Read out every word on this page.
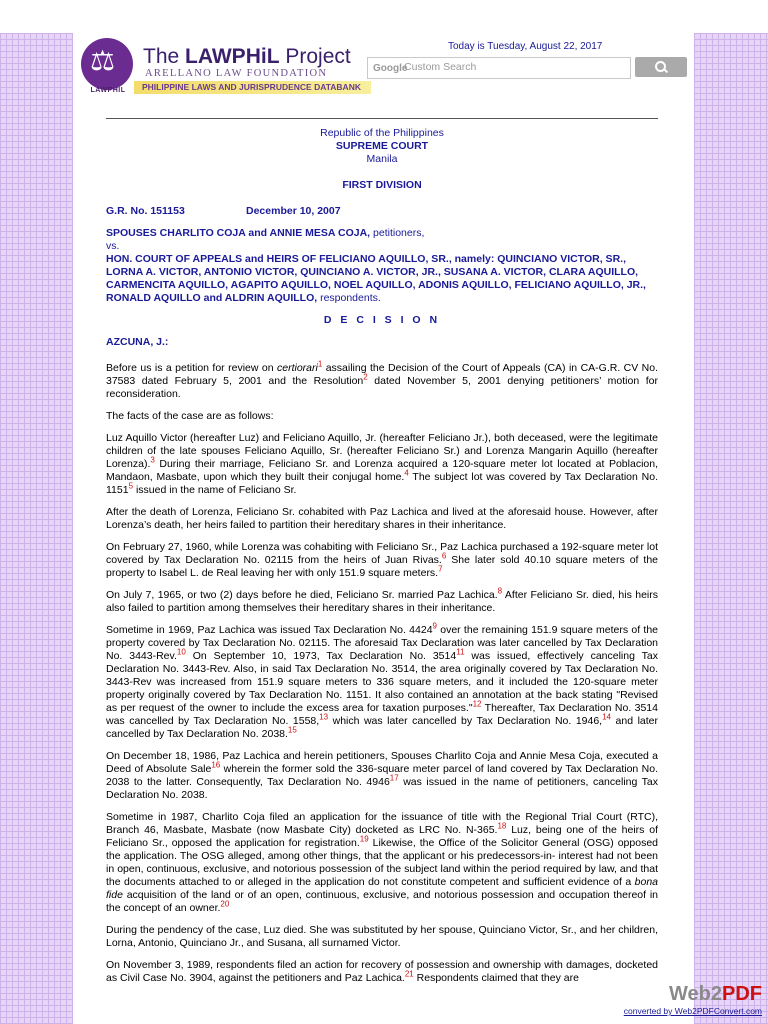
⚖
LAWPHIL
The LAWPHiL Project
ARELLANO LAW FOUNDATION
PHILIPPINE LAWS AND JURISPRUDENCE DATABANK
Today is Tuesday, August 22, 2017
Google
Custom Search

Republic of the Philippines

SUPREME COURT

Manila

FIRST DIVISION

G.R. No. 151153	December 10, 2007

SPOUSES CHARLITO COJA and ANNIE MESA COJA, petitioners,

vs.

HON. COURT OF APPEALS and HEIRS OF FELICIANO AQUILLO, SR., namely: QUINCIANO VICTOR, SR., LORNA A. VICTOR, ANTONIO VICTOR, QUINCIANO A. VICTOR, JR., SUSANA A. VICTOR, CLARA AQUILLO, CARMENCITA AQUILLO, AGAPITO AQUILLO, NOEL AQUILLO, ADONIS AQUILLO, FELICIANO AQUILLO, JR., RONALD AQUILLO and ALDRIN AQUILLO, respondents.

D E C I S I O N

AZCUNA, J.:

Before us is a petition for review on certiorari$^1$ assailing the Decision of the Court of Appeals (CA) in CA-G.R. CV No. 37583 dated February 5, 2001 and the Resolution$^2$ dated November 5, 2001 denying petitioners’ motion for reconsideration.

The facts of the case are as follows:

Luz Aquillo Victor (hereafter Luz) and Feliciano Aquillo, Jr. (hereafter Feliciano Jr.), both deceased, were the legitimate children of the late spouses Feliciano Aquillo, Sr. (hereafter Feliciano Sr.) and Lorenza Mangarin Aquillo (hereafter Lorenza).$^3$ During their marriage, Feliciano Sr. and Lorenza acquired a 120-square meter lot located at Poblacion, Mandaon, Masbate, upon which they built their conjugal home.$^4$ The subject lot was covered by Tax Declaration No. 1151$^5$ issued in the name of Feliciano Sr.

After the death of Lorenza, Feliciano Sr. cohabited with Paz Lachica and lived at the aforesaid house. However, after Lorenza’s death, her heirs failed to partition their hereditary shares in their inheritance.

On February 27, 1960, while Lorenza was cohabiting with Feliciano Sr., Paz Lachica purchased a 192-square meter lot covered by Tax Declaration No. 02115 from the heirs of Juan Rivas.$^6$ She later sold 40.10 square meters of the property to Isabel L. de Real leaving her with only 151.9 square meters.$^7$

On July 7, 1965, or two (2) days before he died, Feliciano Sr. married Paz Lachica.$^8$ After Feliciano Sr. died, his heirs also failed to partition among themselves their hereditary shares in their inheritance.

Sometime in 1969, Paz Lachica was issued Tax Declaration No. 4424$^9$ over the remaining 151.9 square meters of the property covered by Tax Declaration No. 02115. The aforesaid Tax Declaration was later cancelled by Tax Declaration No. 3443-Rev.$^{10}$ On September 10, 1973, Tax Declaration No. 3514$^{11}$ was issued, effectively canceling Tax Declaration No. 3443-Rev. Also, in said Tax Declaration No. 3514, the area originally covered by Tax Declaration No. 3443-Rev was increased from 151.9 square meters to 336 square meters, and it included the 120-square meter property originally covered by Tax Declaration No. 1151. It also contained an annotation at the back stating "Revised as per request of the owner to include the excess area for taxation purposes."$^{12}$ Thereafter, Tax Declaration No. 3514 was cancelled by Tax Declaration No. 1558,13 which was later cancelled by Tax Declaration No. 1946,14 and later cancelled by Tax Declaration No. 2038.15

On December 18, 1986, Paz Lachica and herein petitioners, Spouses Charlito Coja and Annie Mesa Coja, executed a Deed of Absolute Sale$^{16}$ wherein the former sold the 336-square meter parcel of land covered by Tax Declaration No. 2038 to the latter. Consequently, Tax Declaration No. 4946$^{17}$ was issued in the name of petitioners, canceling Tax Declaration No. 2038.

Sometime in 1987, Charlito Coja filed an application for the issuance of title with the Regional Trial Court (RTC), Branch 46, Masbate, Masbate (now Masbate City) docketed as LRC No. N-365.18 Luz, being one of the heirs of Feliciano Sr., opposed the application for registration.$^{19}$ Likewise, the Office of the Solicitor General (OSG) opposed the application. The OSG alleged, among other things, that the applicant or his predecessors-in- interest had not been in open, continuous, exclusive, and notorious possession of the subject land within the period required by law, and that the documents attached to or alleged in the application do not constitute competent and sufficient evidence of a bona fide acquisition of the land or of an open, continuous, exclusive, and notorious possession and occupation thereof in the concept of an owner.$^{20}$

During the pendency of the case, Luz died. She was substituted by her spouse, Quinciano Victor, Sr., and her children, Lorna, Antonio, Quinciano Jr., and Susana, all surnamed Victor.

On November 3, 1989, respondents filed an action for recovery of possession and ownership with damages, docketed as Civil Case No. 3904, against the petitioners and Paz Lachica.$^{21}$ Respondents claimed that they are

Web2PDF
converted by Web2PDFConvert.com
